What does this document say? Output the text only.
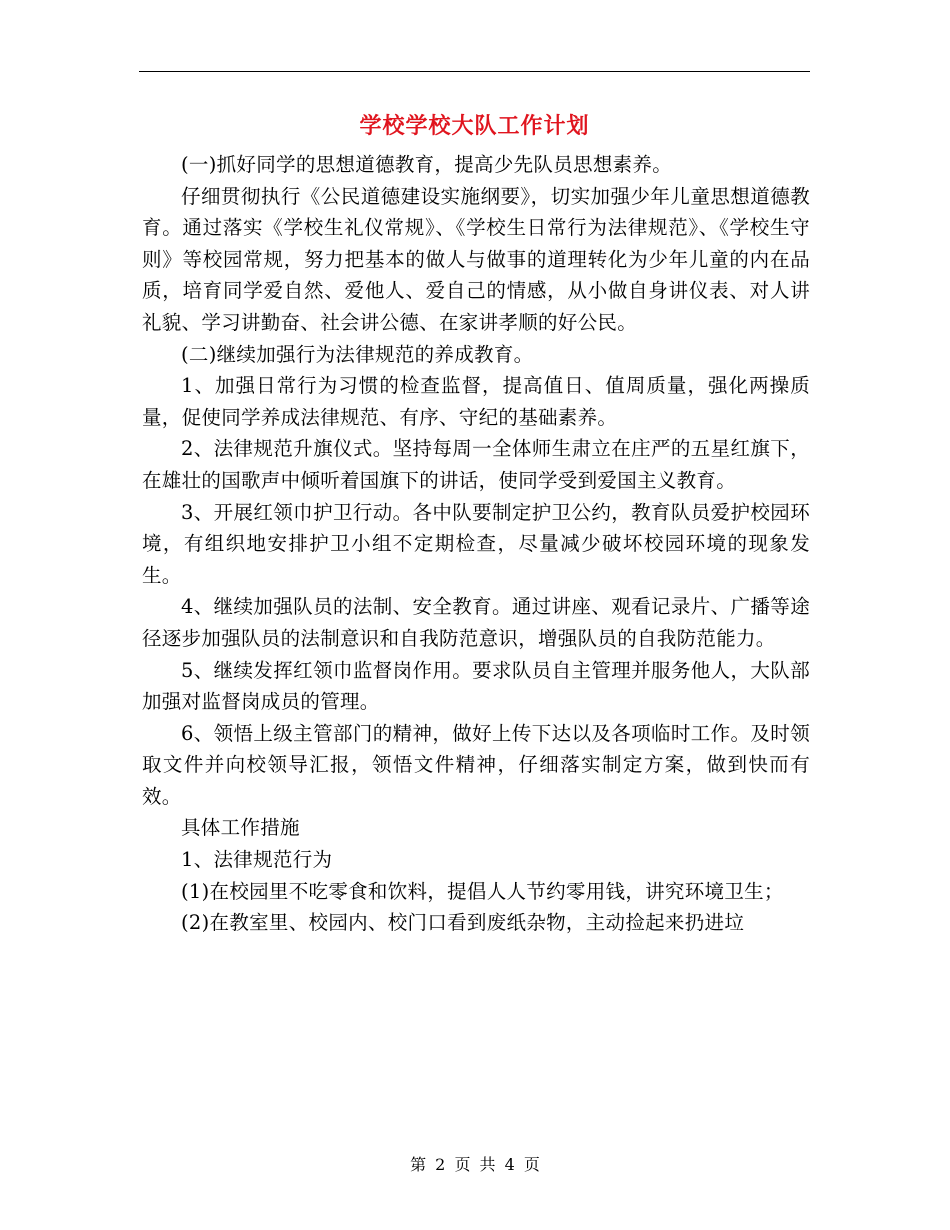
学校学校大队工作计划

(一)抓好同学的思想道德教育，提高少先队员思想素养。

仔细贯彻执行《公民道德建设实施纲要》，切实加强少年儿童思想道德教育。通过落实《学校生礼仪常规》、《学校生日常行为法律规范》、《学校生守则》等校园常规，努力把基本的做人与做事的道理转化为少年儿童的内在品质，培育同学爱自然、爱他人、爱自己的情感，从小做自身讲仪表、对人讲礼貌、学习讲勤奋、社会讲公德、在家讲孝顺的好公民。

(二)继续加强行为法律规范的养成教育。

1、加强日常行为习惯的检查监督，提高值日、值周质量，强化两操质量，促使同学养成法律规范、有序、守纪的基础素养。

2、法律规范升旗仪式。坚持每周一全体师生肃立在庄严的五星红旗下，在雄壮的国歌声中倾听着国旗下的讲话，使同学受到爱国主义教育。

3、开展红领巾护卫行动。各中队要制定护卫公约，教育队员爱护校园环境，有组织地安排护卫小组不定期检查，尽量减少破坏校园环境的现象发生。

4、继续加强队员的法制、安全教育。通过讲座、观看记录片、广播等途径逐步加强队员的法制意识和自我防范意识，增强队员的自我防范能力。

5、继续发挥红领巾监督岗作用。要求队员自主管理并服务他人，大队部加强对监督岗成员的管理。

6、领悟上级主管部门的精神，做好上传下达以及各项临时工作。及时领取文件并向校领导汇报，领悟文件精神，仔细落实制定方案，做到快而有效。

具体工作措施

1、法律规范行为

(1)在校园里不吃零食和饮料，提倡人人节约零用钱，讲究环境卫生；

(2)在教室里、校园内、校门口看到废纸杂物，主动捡起来扔进垃

第 2 页 共 4 页
